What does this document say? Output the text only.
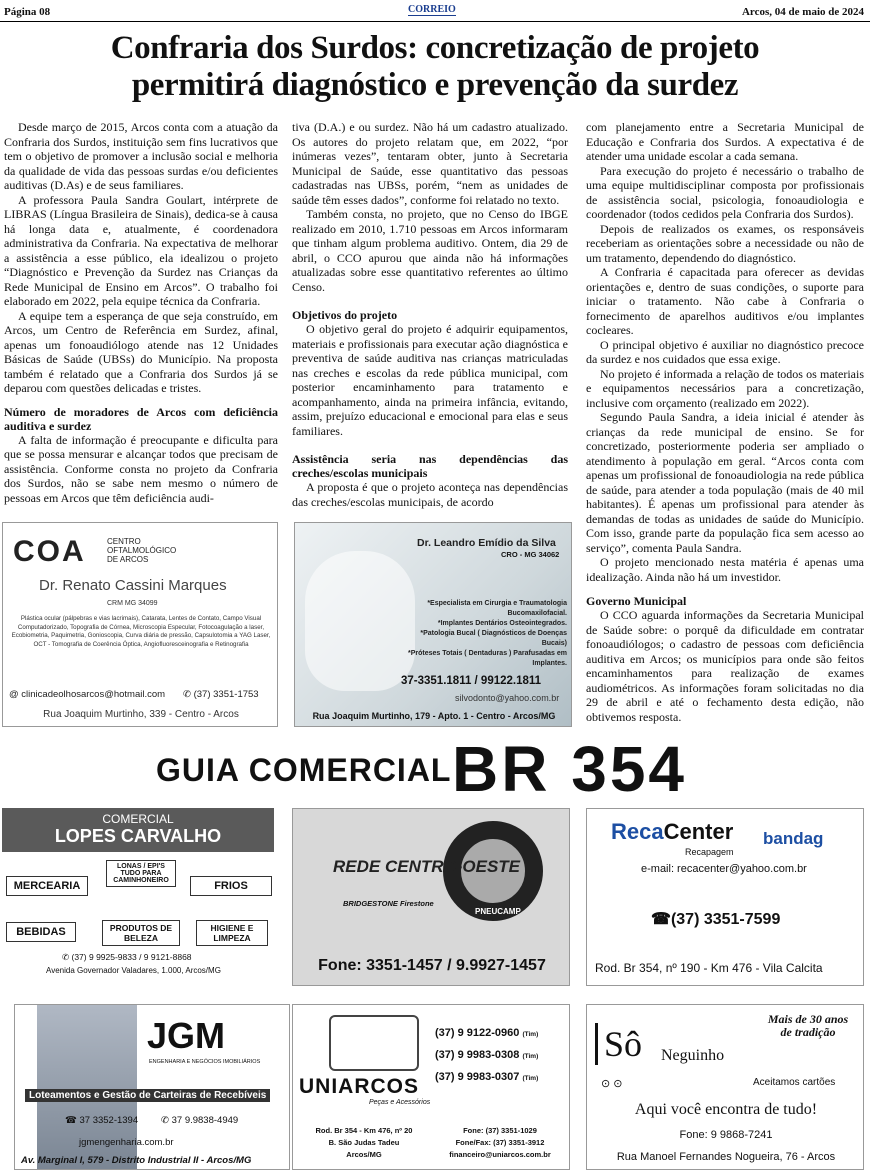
Página 08	CORREIO	Arcos, 04 de maio de 2024
Confraria dos Surdos: concretização de projeto
permitirá diagnóstico e prevenção da surdez

Desde março de 2015, Arcos conta com a atuação da Confraria dos Surdos, instituição sem fins lucrativos que tem o objetivo de promover a inclusão social e melhoria da qualidade de vida das pessoas surdas e/ou deficientes auditivas (D.As) e de seus familiares.

A professora Paula Sandra Goulart, intérprete de LIBRAS (Língua Brasileira de Sinais), dedica-se à causa há longa data e, atualmente, é coordenadora administrativa da Confraria. Na expectativa de melhorar a assistência a esse público, ela idealizou o projeto “Diagnóstico e Prevenção da Surdez nas Crianças da Rede Municipal de Ensino em Arcos”. O trabalho foi elaborado em 2022, pela equipe técnica da Confraria.

A equipe tem a esperança de que seja construído, em Arcos, um Centro de Referência em Surdez, afinal, apenas um fonoaudiólogo atende nas 12 Unidades Básicas de Saúde (UBSs) do Município. Na proposta também é relatado que a Confraria dos Surdos já se deparou com questões delicadas e tristes.

Número de moradores de Arcos com deficiência auditiva e surdez

A falta de informação é preocupante e dificulta para que se possa mensurar e alcançar todos que precisam de assistência. Conforme consta no projeto da Confraria dos Surdos, não se sabe nem mesmo o número de pessoas em Arcos que têm deficiência audi-

tiva (D.A.) e ou surdez. Não há um cadastro atualizado. Os autores do projeto relatam que, em 2022, “por inúmeras vezes”, tentaram obter, junto à Secretaria Municipal de Saúde, esse quantitativo das pessoas cadastradas nas UBSs, porém, “nem as unidades de saúde têm esses dados”, conforme foi relatado no texto.

Também consta, no projeto, que no Censo do IBGE realizado em 2010, 1.710 pessoas em Arcos informaram que tinham algum problema auditivo. Ontem, dia 29 de abril, o CCO apurou que ainda não há informações atualizadas sobre esse quantitativo referentes ao último Censo.

Objetivos do projeto

O objetivo geral do projeto é adquirir equipamentos, materiais e profissionais para executar ação diagnóstica e preventiva de saúde auditiva nas crianças matriculadas nas creches e escolas da rede pública municipal, com posterior encaminhamento para tratamento e acompanhamento, ainda na primeira infância, evitando, assim, prejuízo educacional e emocional para elas e seus familiares.

Assistência seria nas dependências das creches/escolas municipais

A proposta é que o projeto aconteça nas dependências das creches/escolas municipais, de acordo

com planejamento entre a Secretaria Municipal de Educação e Confraria dos Surdos. A expectativa é de atender uma unidade escolar a cada semana.

Para execução do projeto é necessário o trabalho de uma equipe multidisciplinar composta por profissionais de assistência social, psicologia, fonoaudiologia e coordenador (todos cedidos pela Confraria dos Surdos).

Depois de realizados os exames, os responsáveis receberiam as orientações sobre a necessidade ou não de um tratamento, dependendo do diagnóstico.

A Confraria é capacitada para oferecer as devidas orientações e, dentro de suas condições, o suporte para iniciar o tratamento. Não cabe à Confraria o fornecimento de aparelhos auditivos e/ou implantes cocleares.

O principal objetivo é auxiliar no diagnóstico precoce da surdez e nos cuidados que essa exige.

No projeto é informada a relação de todos os materiais e equipamentos necessários para a concretização, inclusive com orçamento (realizado em 2022).

Segundo Paula Sandra, a ideia inicial é atender às crianças da rede municipal de ensino. Se for concretizado, posteriormente poderia ser ampliado o atendimento à população em geral. “Arcos conta com apenas um profissional de fonoaudiologia na rede pública de saúde, para atender a toda população (mais de 40 mil habitantes). É apenas um profissional para atender às demandas de todas as unidades de saúde do Município. Com isso, grande parte da população fica sem acesso ao serviço”, comenta Paula Sandra.

O projeto mencionado nesta matéria é apenas uma idealização. Ainda não há um investidor.

Governo Municipal

O CCO aguarda informações da Secretaria Municipal de Saúde sobre: o porquê da dificuldade em contratar fonoaudiólogos; o cadastro de pessoas com deficiência auditiva em Arcos; os municípios para onde são feitos encaminhamentos para realização de exames audiométricos. As informações foram solicitadas no dia 29 de abril e até o fechamento desta edição, não obtivemos resposta.

COA	CENTRO
OFTALMOLÓGICO
DE ARCOS
Dr. Renato Cassini Marques
CRM MG 34099
Plástica ocular (pálpebras e vias lacrimais), Catarata, Lentes de Contato, Campo Visual Computadorizado, Topografia de Córnea, Microscopia Especular, Fotocoagulação a laser, Ecobiometria, Paquimetria, Gonioscopia, Curva diária de pressão, Capsulotomia a YAG Laser, OCT - Tomografia de Coerência Óptica, Angiofluoresceinografia e Retinografia
@ clinicadeolhosarcos@hotmail.com ✆ (37) 3351-1753
Rua Joaquim Murtinho, 339 - Centro - Arcos
Dr. Leandro Emídio da Silva
CRO - MG 34062
*Especialista em Cirurgia e Traumatologia Bucomaxilofacial.
*Implantes Dentários Osteointegrados.
*Patologia Bucal ( Diagnósticos de Doenças Bucais)
*Próteses Totais ( Dentaduras ) Parafusadas em Implantes.
37-3351.1811 / 99122.1811
silvodonto@yahoo.com.br
Rua Joaquim Murtinho, 179 - Apto. 1 - Centro - Arcos/MG
GUIA COMERCIAL BR 354
COMERCIAL
LOPES CARVALHO
LONAS / EPI'S TUDO PARA CAMINHONEIRO
MERCEARIA	FRIOS
BEBIDAS	PRODUTOS DE BELEZA
HIGIENE E LIMPEZA
✆ (37) 9 9925-9833 / 9 9121-8868
Avenida Governador Valadares, 1.000, Arcos/MG
REDE CENTRO-OESTE
BRIDGESTONE Firestone
PNEUCAMP
Fone: 3351-1457 / 9.9927-1457
RecaCenter
Recapagem
bandag
e-mail: recacenter@yahoo.com.br
☎(37) 3351-7599
Rod. Br 354, nº 190 - Km 476 - Vila Calcita
JGM
ENGENHARIA E NEGÓCIOS IMOBILIÁRIOS
Loteamentos e Gestão de Carteiras de Recebíveis
☎ 37 3352-1394 ✆ 37 9.9838-4949
jgmengenharia.com.br
Av. Marginal I, 579 - Distrito Industrial II - Arcos/MG
UNIARCOS
Peças e Acessórios
(37) 9 9122-0960 (Tim)
(37) 9 9983-0308 (Tim)
(37) 9 9983-0307 (Tim)
Rod. Br 354 - Km 476, nº 20
B. São Judas Tadeu
Arcos/MG
Fone: (37) 3351-1029
Fone/Fax: (37) 3351-3912
financeiro@uniarcos.com.br
Sô Neguinho
Mais de 30 anos de tradição
⊙ ⊙	Aceitamos cartões
Aqui você encontra de tudo!
Fone: 9 9868-7241
Rua Manoel Fernandes Nogueira, 76 - Arcos
